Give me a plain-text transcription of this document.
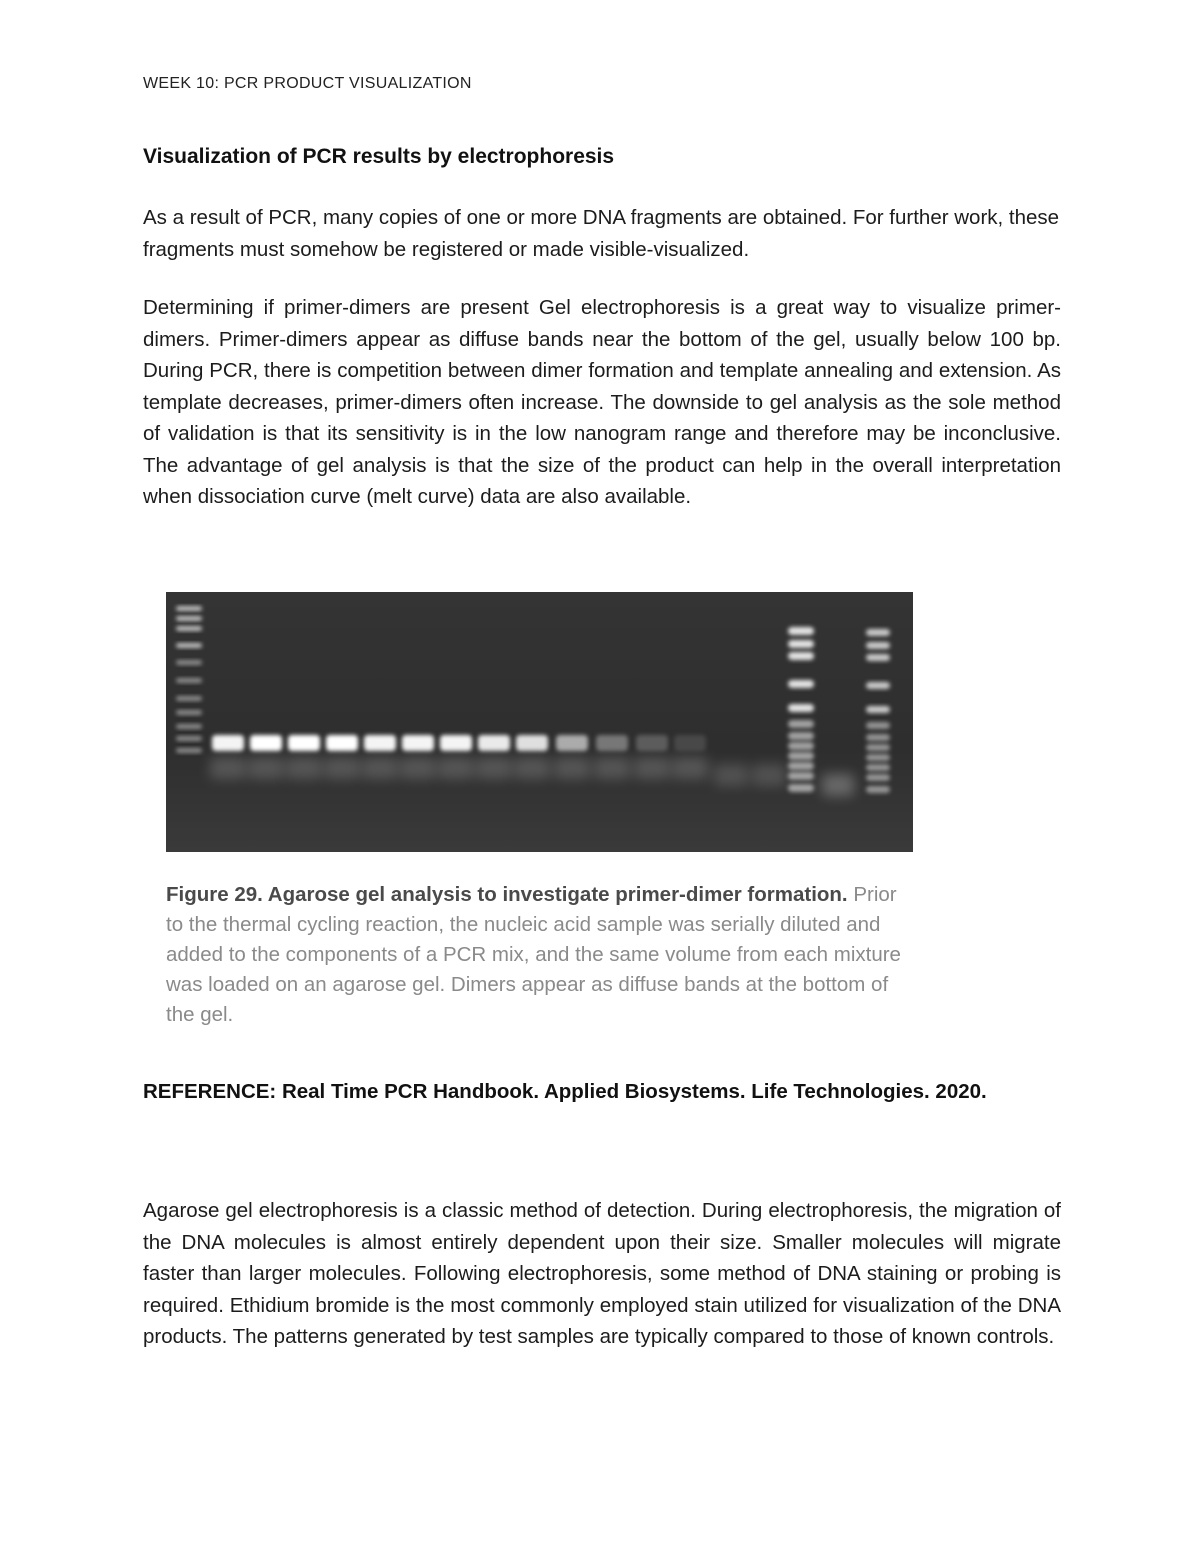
WEEK 10: PCR PRODUCT VISUALIZATION
Visualization of PCR results by electrophoresis

As a result of PCR, many copies of one or more DNA fragments are obtained. For further work, these fragments must somehow be registered or made visible-visualized.

Determining if primer-dimers are present Gel electrophoresis is a great way to visualize primer- dimers. Primer-dimers appear as diffuse bands near the bottom of the gel, usually below 100 bp. During PCR, there is competition between dimer formation and template annealing and extension. As template decreases, primer-dimers often increase. The downside to gel analysis as the sole method of validation is that its sensitivity is in the low nanogram range and therefore may be inconclusive. The advantage of gel analysis is that the size of the product can help in the overall interpretation when dissociation curve (melt curve) data are also available.

Figure 29. Agarose gel analysis to investigate primer-dimer formation. Prior to the thermal cycling reaction, the nucleic acid sample was serially diluted and added to the components of a PCR mix, and the same volume from each mixture was loaded on an agarose gel. Dimers appear as diffuse bands at the bottom of the gel.

REFERENCE: Real Time PCR Handbook. Applied Biosystems. Life Technologies. 2020.

Agarose gel electrophoresis is a classic method of detection. During electrophoresis, the migration of the DNA molecules is almost entirely dependent upon their size. Smaller molecules will migrate faster than larger molecules. Following electrophoresis, some method of DNA staining or probing is required. Ethidium bromide is the most commonly employed stain utilized for visualization of the DNA products. The patterns generated by test samples are typically compared to those of known controls.
